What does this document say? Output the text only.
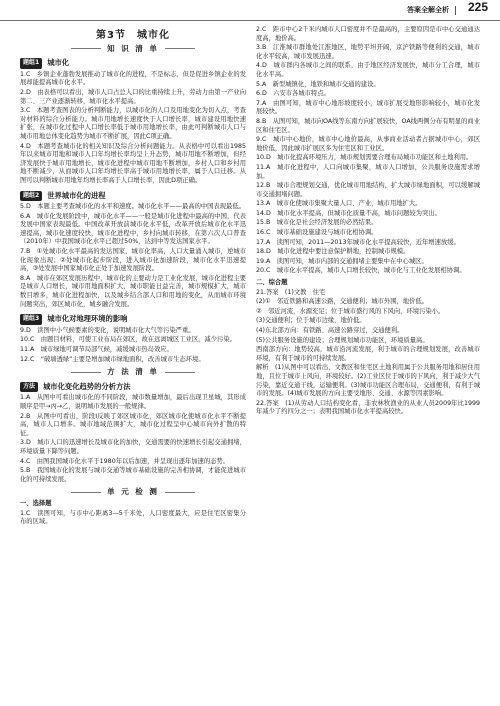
答案全解全析	225
第3节　城市化
知 识 清 单
题组1	城市化

1.C　乡镇企业蓬勃发展推动了城市化的进程，不是标志，但是促进乡镇企业的发展却能提高城市化水平。

2.D　由表格可以看出，城市人口占总人口的比重持续上升，劳动力由第一产业向第二、三产业逐渐转移，城市化水平提高。

3.C　本题考查图表的分析判断能力，以城市化的人口及用地变化为切入点，考查对材料的综合分析能力。城市用地增长速度快于人口增长率，城市建设用地快速扩张，在城市化过程中人口增长率低于城市用地增长率，由此可判断城市人口与城市用地总体变化趋势为城市不断扩展，因此C项正确。

4.D　本题考查城市化的相关知识及综合分析问题能力。从表格中可以看出1985年以来城市用地和城市人口年均增长率均呈上升态势，城市用地不断增加，但经济发展快于城市用地增长，城市化进程中城市用地不断增加，乡村人口和乡村用地不断减少，从而城市人口年均增长率高于城市用地增长率，属于人口迁移。从图可以判断城市用地年均增长率高于人口增长率，因此D项正确。

题组2	世界城市化的进程

5.D　本题主要考查城市化的水平和速度。城市化水平——最高的中国表现最低。

6.A　城市化发展阶段中，城市化水平——一般是城市化进程中最高的中国，代表发展中国家表现最低。中国改革开放前城市化水平低，改革开放后城市化水平迅速提高，城市化速度较快，城市化进程中，乡村向城市转移，在第六次人口普查（2010年）中我国城市化水平已超过50%，达到中等发达国家水平。

7.B　①处城市化水平最高的发达国家，城市化率高，人口大量涌入城市，逆城市化现象出现；②处城市化起步阶段，进入城市化加速阶段，城市化水平迅速提高，③处发展中国家城市化正处于加速发展阶段。

8.A　城市在郊区发展历程中，城市化的主要动力是工业化发展，城市化进程主要是城市人口增长，城市用地面积扩大，城市职能日益完善，城市规模扩大，城市数目增多，城市化进程加快，以及城乡结合部人口和用地的变化，从而城市环境问题突出，郊区城市化，城乡融合发展。

题组3	城市化对地理环境的影响

9.D　读图中小气候要素的变化，说明城市化大气等污染严重。

10.C　由题目材料，可使工业布局在郊区，故在远离城区工业区，减少污染。

11.A　城市绿地可调节局部气候，减缓城市热岛效应。

12.C　“破墙透绿”主要是增加城市绿地面积，改善城市生态环境。

方 法 清 单
方法	城市化变化趋势的分析方法

1.A　从图中可看出城市化的不同阶段，城市数量增加，最后出现卫星城，其形成顺序是甲→丙→乙，说明城市发展的一般规律。

2.B　从图中可看出，阶段Ⅰ反映了郊区城市化，郊区城市化使城市化水平不断提高，城市人口增多。城市地域范围扩大，城市化过程呈中心城市向外扩散的特征。

3.D　城市人口的迅速增长及城市化的加快，交通需要的快速增长引起交通拥堵，环境质量下降等问题。

4.C　由图我国城市化水平于1980年以后加速，并呈现出逐年加速的态势。

5.B　我国城市化的发展与城市交通等城市基础设施的完善相协调，才能促进城市化的可持续发展。

单 元 检 测
一、选择题

1.C　读图可知，与市中心距离3—5千米处，人口密度最大，应是住宅区密集分布的区域。

2.C　距市中心2千米内城市人口密度并不是最高的，主要原因是市中心交通通达度高，地价高。

3.B　江淮城市群地处江淮地区，地势平坦开阔，京沪铁路等便利的交通，城市化水平较高，城市发展迅速。

4.D　城市群内各城市之间的联系，由于地区经济发展快，城市分工合理，城市化水平高。

5.A　新型城镇化，地铁和城市交通的建设。

6.D　六安市各城市特点。

7.A　由图可知，城市中心地形坡度较小，城市扩展受地形影响较小，城市化发展较快。

8.B　从图可知，城市向OA线等东南方向扩展较快，OA线两侧分布有明显的商业区和住宅区。

9.C　城市中心地价，城市中心地价最高，从事商业活动者占据城市中心，郊区地价低，因此城市扩展区多为住宅区和工业区。

10.D　城市化提高环境压力，城市规划需要合理布局城市功能区和土地利用。

11.A　城市化进程中，人口向城市集聚，城市人口增加，公共服务设施需求增加。

12.B　城市合理规划交通，优化城市用地结构，扩大城市绿地面积，可以缓解城市交通拥堵问题。

13.A　城市化使城市集聚大量人口、产业，城市用地扩大。

14.D　城市化水平提高，但城市化质量不高，城市问题较为突出。

15.B　城市化是社会经济发展的必然结果。

16.C　城市基础设施建设与城市化相协调。

17.A　读图可知，2011—2013年城市化水平提高较快，近年增速放缓。

18.D　城市化进程中要注意保护耕地，控制城市规模。

19.A　读图可知，城市内部的交通拥堵主要集中在中心城区。

20.C　城市化水平提高，城市人口增长较快，城市化与工业化发展相协调。

二、综合题

21.答案　(1)文教　住宅

(2)①　邻近铁路和高速公路，交通便利；城市外围，地价低。

②　邻近河流，水源充足；位于城市盛行风的下风向，环境污染小。

(3)交通便利；位于城市边缘，地价低。

(4)东北部方向：有铁路、高速公路穿过，交通便利。

(5)公共服务设施的建设；合理规划城市功能区，环境质量高。

西南部方向：地势较高，城市沿河流发展，利于城市的合理规划发展，改善城市环境，有利于城市的可持续发展。

解析　(1)从图中可以看出，文教区和住宅区土地利用属于公共服务用地和居住用地，且位于城市上风向，环境较好。(2)工业区位于城市的下风向，利于减少大气污染，靠近交通干线，运输便利。(3)城市功能区合理布局，交通便利，有利于城市的发展。(4)城市发展的方向主要受地形、交通、水源等因素影响。

22.答案　(1)从劳动人口结构变化看，非农林牧渔业的从业人员2009年比1999年减少了约四分之一；表明我国城市化水平提高较快。
